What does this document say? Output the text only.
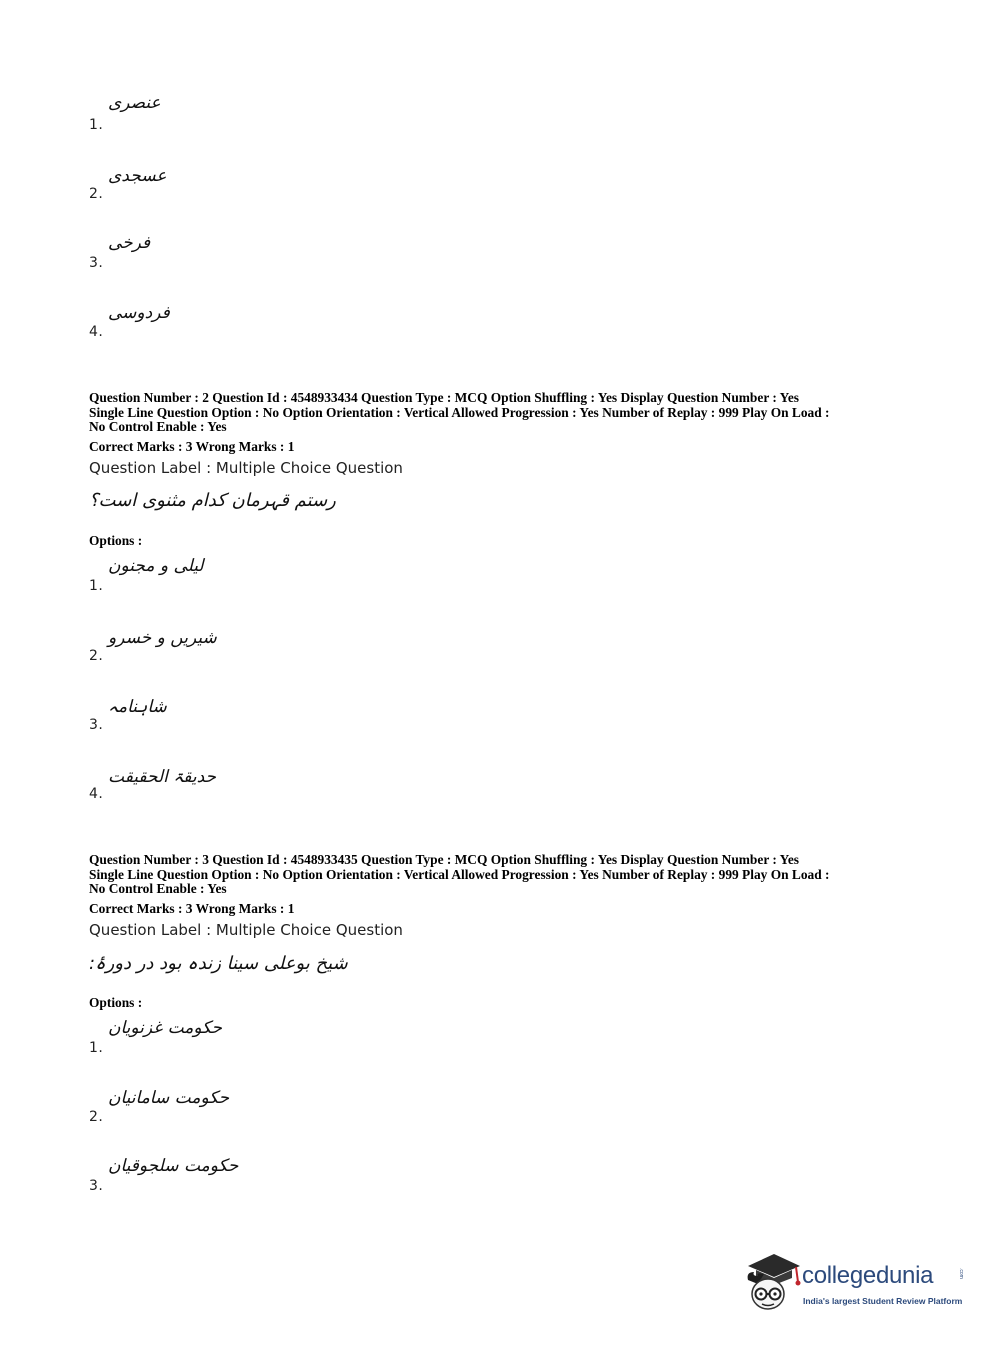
1.
عنصری
2.
عسجدی
3.
فرخی
4.
فردوسی
Question Number : 2 Question Id : 4548933434 Question Type : MCQ Option Shuffling : Yes Display Question Number : Yes
Single Line Question Option : No Option Orientation : Vertical Allowed Progression : Yes Number of Replay : 999 Play On Load :
No Control Enable : Yes
Correct Marks : 3 Wrong Marks : 1
Question Label : Multiple Choice Question
رستم قہرمان کدام مثنوی است؟
Options :
1.
لیلی و مجنون
2.
شیریں و خسرو
3.
شاہنامہ
4.
حدیقۃ الحقیقت
Question Number : 3 Question Id : 4548933435 Question Type : MCQ Option Shuffling : Yes Display Question Number : Yes
Single Line Question Option : No Option Orientation : Vertical Allowed Progression : Yes Number of Replay : 999 Play On Load :
No Control Enable : Yes
Correct Marks : 3 Wrong Marks : 1
Question Label : Multiple Choice Question
شیخ بوعلی سینا زندہ بود در دورۂ:
Options :
1.
حکومت غزنویان
2.
حکومت سامانیان
3.
حکومت سلجوقیان
collegedunia	.com
India's largest Student Review Platform
